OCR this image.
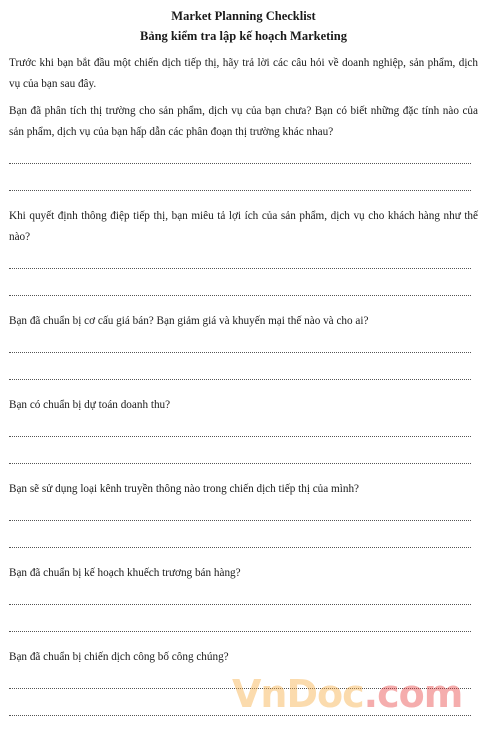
Market Planning Checklist
Bảng kiểm tra lập kế hoạch Marketing
Trước khi bạn bắt đầu một chiến dịch tiếp thị, hãy trả lời các câu hỏi về doanh nghiệp, sản phẩm, dịch vụ của bạn sau đây.
Bạn đã phân tích thị trường cho sản phẩm, dịch vụ của bạn chưa? Bạn có biết những đặc tính nào của sản phẩm, dịch vụ của bạn hấp dẫn các phân đoạn thị trường khác nhau?
Khi quyết định thông điệp tiếp thị, bạn miêu tả lợi ích của sản phẩm, dịch vụ cho khách hàng như thế nào?
Bạn đã chuẩn bị cơ cấu giá bán? Bạn giảm giá và khuyến mại thế nào và cho ai?
Bạn có chuẩn bị dự toán doanh thu?
Bạn sẽ sử dụng loại kênh truyền thông nào trong chiến dịch tiếp thị của mình?
Bạn đã chuẩn bị kế hoạch khuếch trương bán hàng?
Bạn đã chuẩn bị chiến dịch công bố công chúng?
VnDoc.com
